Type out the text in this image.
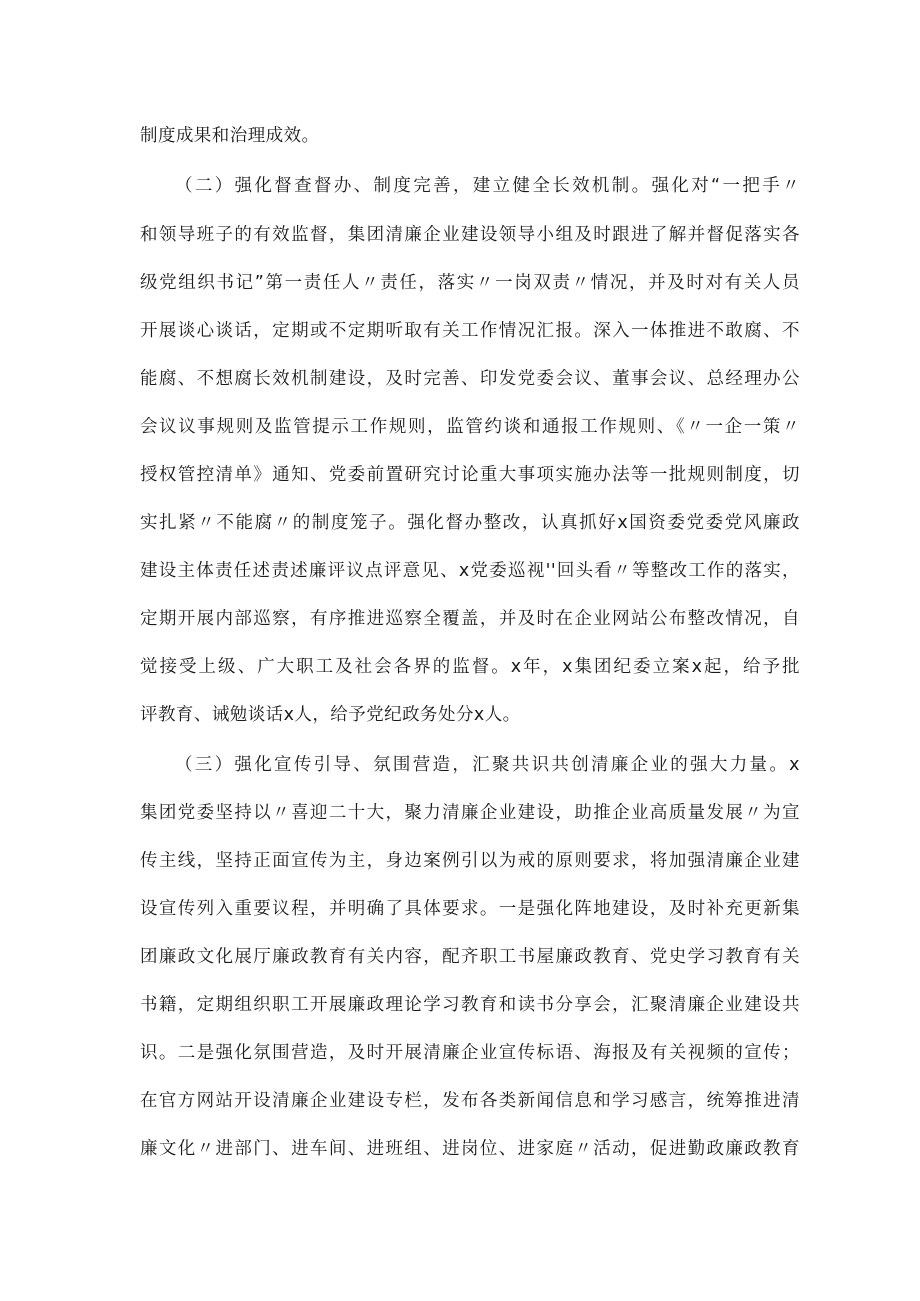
制度成果和治理成效。
（二）强化督查督办、制度完善，建立健全长效机制。强化对“一把手〃
和领导班子的有效监督，集团清廉企业建设领导小组及时跟进了解并督促落实各
级党组织书记”第一责任人〃责任，落实〃一岗双责〃情况，并及时对有关人员
开展谈心谈话，定期或不定期听取有关工作情况汇报。深入一体推进不敢腐、不
能腐、不想腐长效机制建设，及时完善、印发党委会议、董事会议、总经理办公
会议议事规则及监管提示工作规则，监管约谈和通报工作规则、《〃一企一策〃
授权管控清单》通知、党委前置研究讨论重大事项实施办法等一批规则制度，切
实扎紧〃不能腐〃的制度笼子。强化督办整改，认真抓好x国资委党委党风廉政
建设主体责任述责述廉评议点评意见、x党委巡视''回头看〃等整改工作的落实，
定期开展内部巡察，有序推进巡察全覆盖，并及时在企业网站公布整改情况，自
觉接受上级、广大职工及社会各界的监督。x年，x集团纪委立案x起，给予批
评教育、诫勉谈话x人，给予党纪政务处分x人。
（三）强化宣传引导、氛围营造，汇聚共识共创清廉企业的强大力量。x
集团党委坚持以〃喜迎二十大，聚力清廉企业建设，助推企业高质量发展〃为宣
传主线，坚持正面宣传为主，身边案例引以为戒的原则要求，将加强清廉企业建
设宣传列入重要议程，并明确了具体要求。一是强化阵地建设，及时补充更新集
团廉政文化展厅廉政教育有关内容，配齐职工书屋廉政教育、党史学习教育有关
书籍，定期组织职工开展廉政理论学习教育和读书分享会，汇聚清廉企业建设共
识。二是强化氛围营造，及时开展清廉企业宣传标语、海报及有关视频的宣传；
在官方网站开设清廉企业建设专栏，发布各类新闻信息和学习感言，统筹推进清
廉文化〃进部门、进车间、进班组、进岗位、进家庭〃活动，促进勤政廉政教育
